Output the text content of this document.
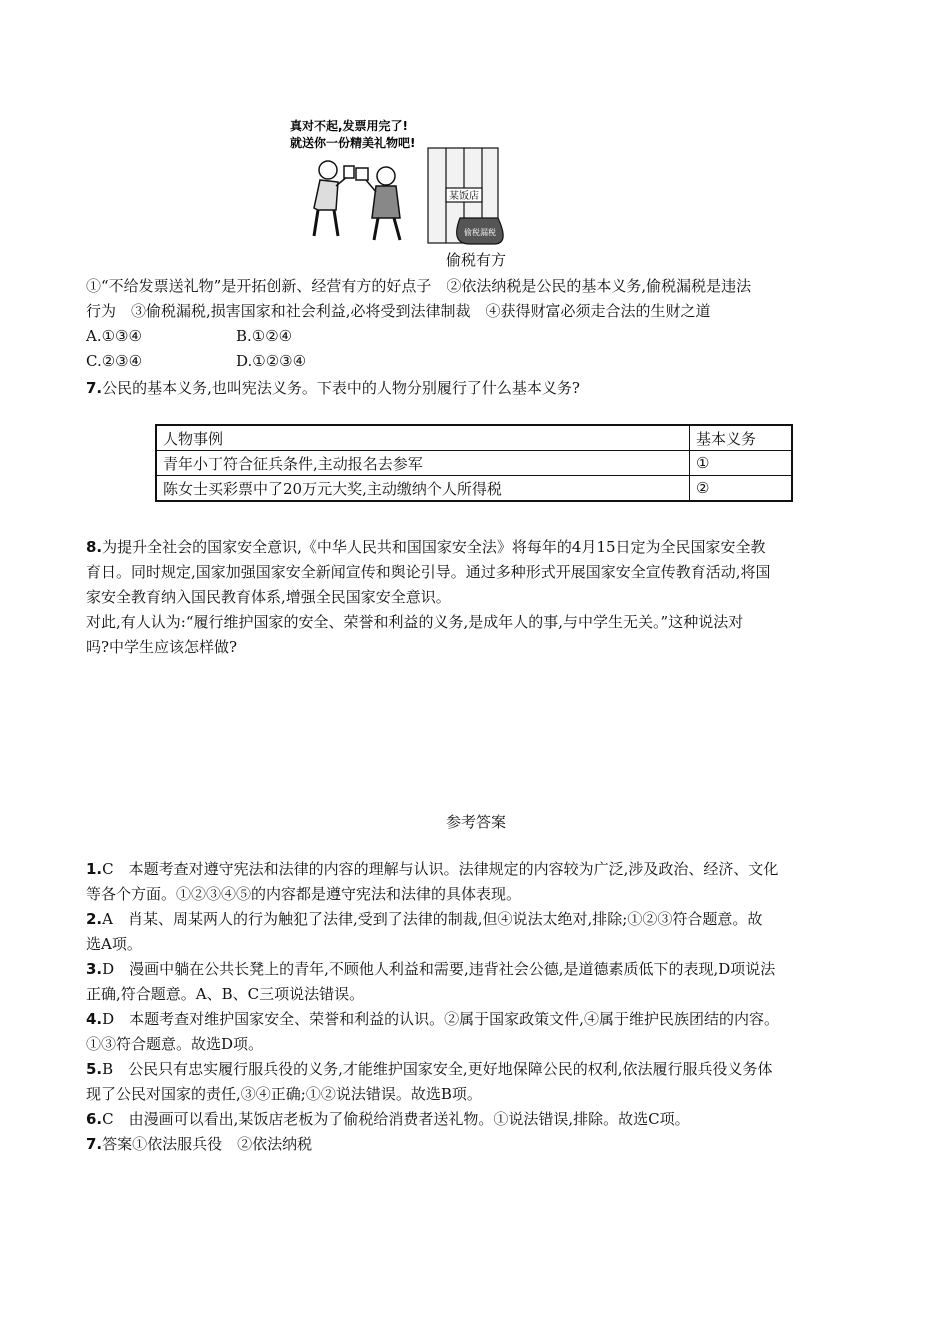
真对不起,发票用完了!
就送你一份精美礼物吧!
某饭店
偷税漏税
偷税有方
①“不给发票送礼物”是开拓创新、经营有方的好点子　②依法纳税是公民的基本义务,偷税漏税是违法
行为　③偷税漏税,损害国家和社会利益,必将受到法律制裁　④获得财富必须走合法的生财之道
A.①③④	B.①②④
C.②③④	D.①②③④
7.公民的基本义务,也叫宪法义务。下表中的人物分别履行了什么基本义务?
人物事例	基本义务
青年小丁符合征兵条件,主动报名去参军	①
陈女士买彩票中了20万元大奖,主动缴纳个人所得税	②
8.为提升全社会的国家安全意识,《中华人民共和国国家安全法》将每年的4月15日定为全民国家安全教
育日。同时规定,国家加强国家安全新闻宣传和舆论引导。通过多种形式开展国家安全宣传教育活动,将国
家安全教育纳入国民教育体系,增强全民国家安全意识。
对此,有人认为:“履行维护国家的安全、荣誉和利益的义务,是成年人的事,与中学生无关。”这种说法对
吗?中学生应该怎样做?
参考答案
1.C　本题考查对遵守宪法和法律的内容的理解与认识。法律规定的内容较为广泛,涉及政治、经济、文化
等各个方面。①②③④⑤的内容都是遵守宪法和法律的具体表现。
2.A　肖某、周某两人的行为触犯了法律,受到了法律的制裁,但④说法太绝对,排除;①②③符合题意。故
选A项。
3.D　漫画中躺在公共长凳上的青年,不顾他人利益和需要,违背社会公德,是道德素质低下的表现,D项说法
正确,符合题意。A、B、C三项说法错误。
4.D　本题考查对维护国家安全、荣誉和利益的认识。②属于国家政策文件,④属于维护民族团结的内容。
①③符合题意。故选D项。
5.B　公民只有忠实履行服兵役的义务,才能维护国家安全,更好地保障公民的权利,依法履行服兵役义务体
现了公民对国家的责任,③④正确;①②说法错误。故选B项。
6.C　由漫画可以看出,某饭店老板为了偷税给消费者送礼物。①说法错误,排除。故选C项。
7.答案①依法服兵役　②依法纳税
